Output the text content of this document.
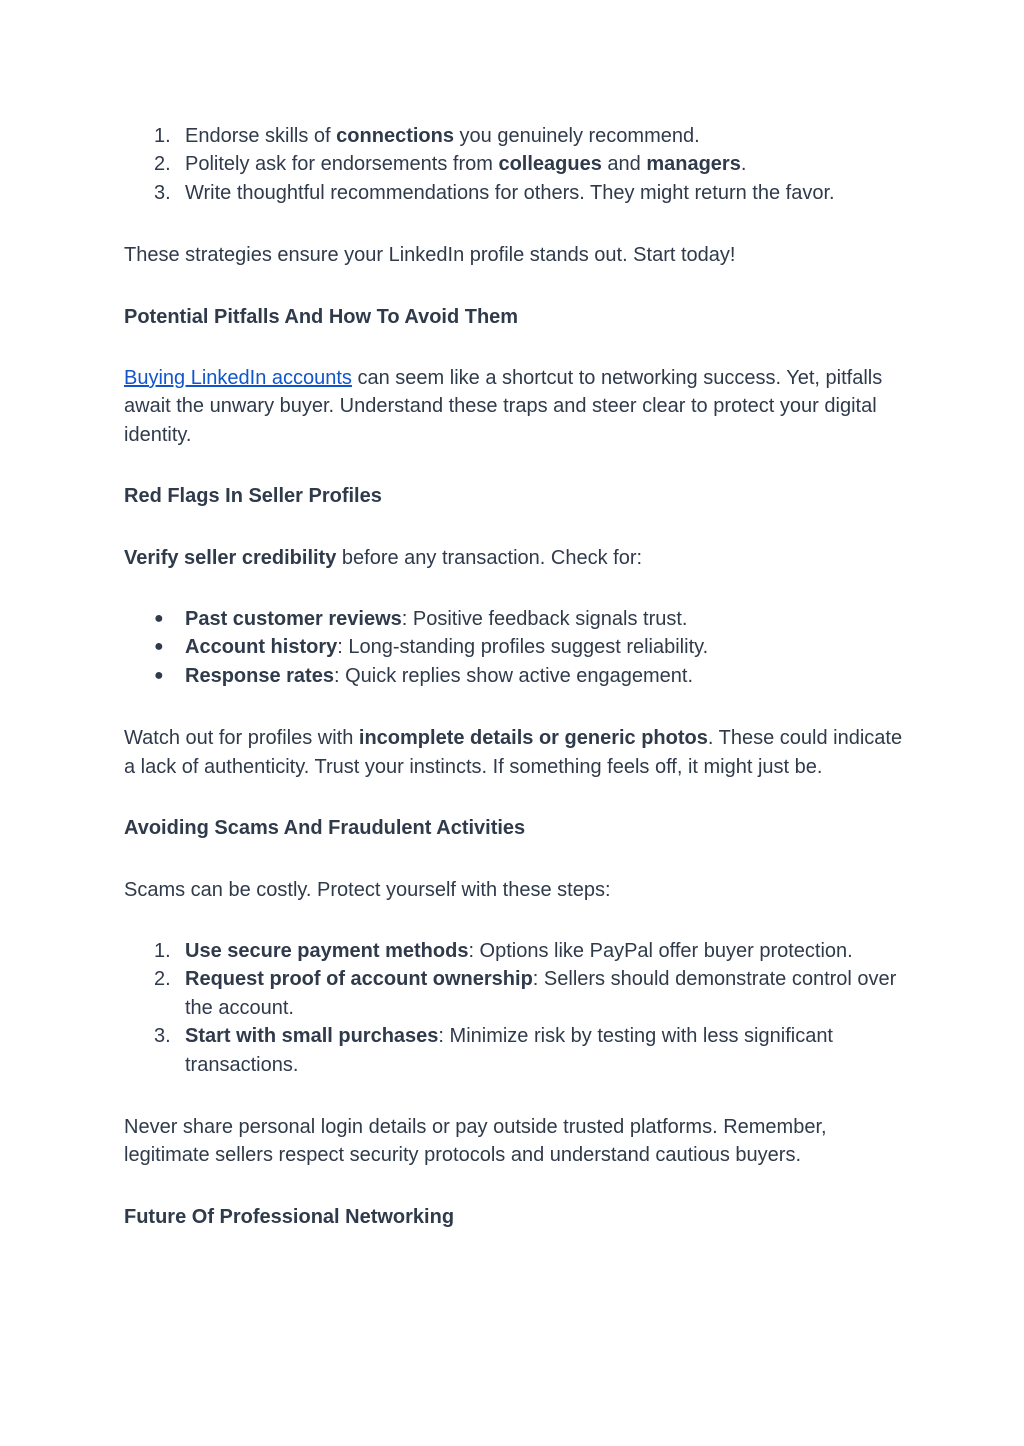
1. Endorse skills of connections you genuinely recommend.
2. Politely ask for endorsements from colleagues and managers.
3. Write thoughtful recommendations for others. They might return the favor.

These strategies ensure your LinkedIn profile stands out. Start today!

Potential Pitfalls And How To Avoid Them

Buying LinkedIn accounts can seem like a shortcut to networking success. Yet, pitfalls await the unwary buyer. Understand these traps and steer clear to protect your digital identity.

Red Flags In Seller Profiles

Verify seller credibility before any transaction. Check for:

● Past customer reviews: Positive feedback signals trust.
● Account history: Long-standing profiles suggest reliability.
● Response rates: Quick replies show active engagement.

Watch out for profiles with incomplete details or generic photos. These could indicate a lack of authenticity. Trust your instincts. If something feels off, it might just be.

Avoiding Scams And Fraudulent Activities

Scams can be costly. Protect yourself with these steps:

1. Use secure payment methods: Options like PayPal offer buyer protection.
2. Request proof of account ownership: Sellers should demonstrate control over the account.
3. Start with small purchases: Minimize risk by testing with less significant transactions.

Never share personal login details or pay outside trusted platforms. Remember, legitimate sellers respect security protocols and understand cautious buyers.

Future Of Professional Networking
